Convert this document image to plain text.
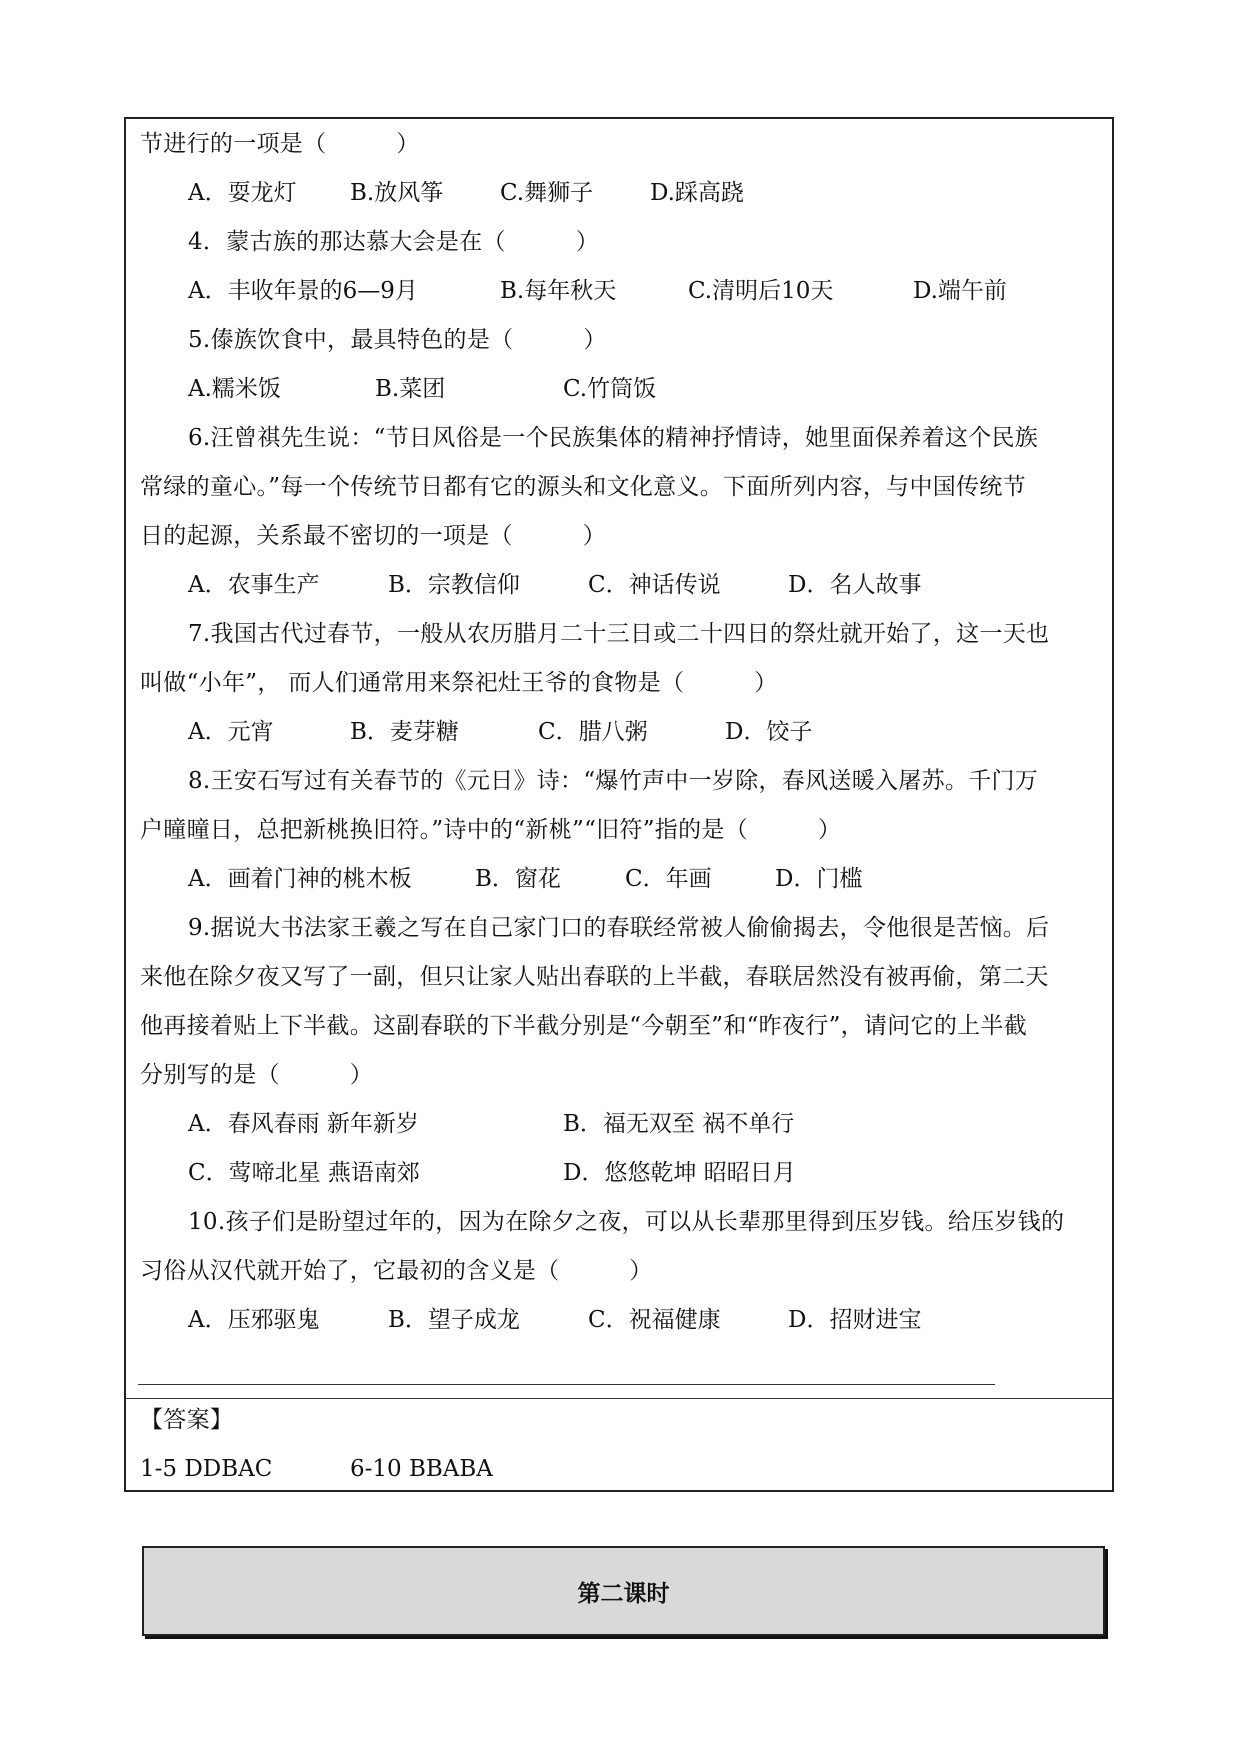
节进行的一项是（　　　）
A．耍龙灯 B.放风筝 C.舞狮子 D.踩高跷
4．蒙古族的那达慕大会是在（　　　）
A．丰收年景的6—9月	B.每年秋天	C.清明后10天	D.端午前
5.傣族饮食中，最具特色的是（　　　）
A.糯米饭	B.菜团	C.竹筒饭
6.汪曾祺先生说：“节日风俗是一个民族集体的精神抒情诗，她里面保养着这个民族
常绿的童心。”每一个传统节日都有它的源头和文化意义。下面所列内容，与中国传统节
日的起源，关系最不密切的一项是（　　　）
A．农事生产	B．宗教信仰	C．神话传说	D．名人故事
7.我国古代过春节，一般从农历腊月二十三日或二十四日的祭灶就开始了，这一天也
叫做“小年”， 而人们通常用来祭祀灶王爷的食物是（　　　）
A．元宵	B．麦芽糖	C．腊八粥	D．饺子
8.王安石写过有关春节的《元日》诗：“爆竹声中一岁除，春风送暖入屠苏。千门万
户曈曈日，总把新桃换旧符。”诗中的“新桃”“旧符”指的是（　　　）
A．画着门神的桃木板	B．窗花	C．年画	D．门槛
9.据说大书法家王羲之写在自己家门口的春联经常被人偷偷揭去，令他很是苦恼。后
来他在除夕夜又写了一副，但只让家人贴出春联的上半截，春联居然没有被再偷，第二天
他再接着贴上下半截。这副春联的下半截分别是“今朝至”和“昨夜行”，请问它的上半截
分别写的是（　　　）
A．春风春雨 新年新岁	B．福无双至 祸不单行
C．莺啼北星 燕语南郊	D．悠悠乾坤 昭昭日月
10.孩子们是盼望过年的，因为在除夕之夜，可以从长辈那里得到压岁钱。给压岁钱的
习俗从汉代就开始了，它最初的含义是（　　　）
A．压邪驱鬼	B．望子成龙	C．祝福健康	D．招财进宝
【答案】
1-5 DDBAC	6-10 BBABA
第二课时
